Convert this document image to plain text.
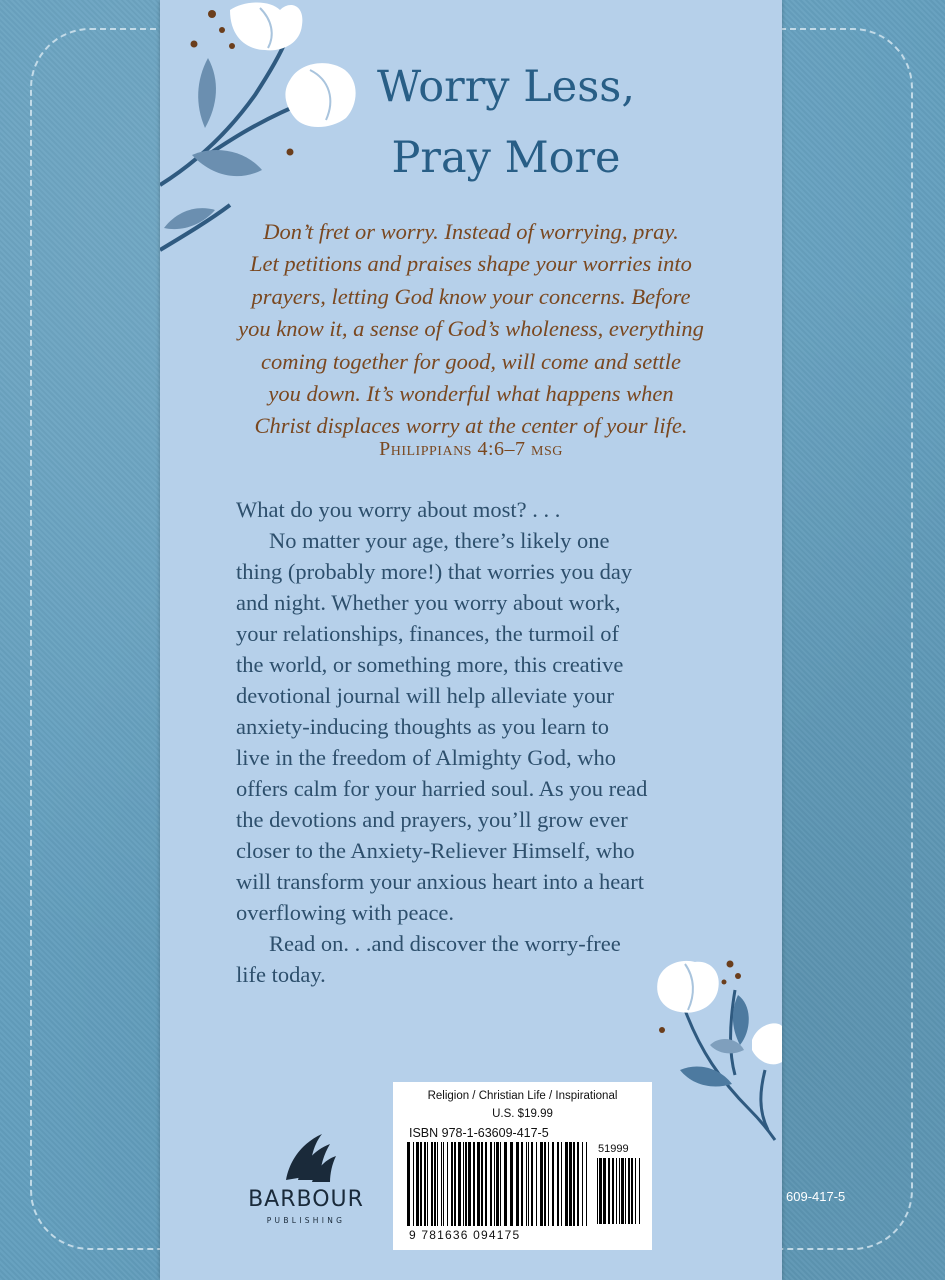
Worry Less,
Pray More
Don’t fret or worry. Instead of worrying, pray.
Let petitions and praises shape your worries into
prayers, letting God know your concerns. Before
you know it, a sense of God’s wholeness, everything
coming together for good, will come and settle
you down. It’s wonderful what happens when
Christ displaces worry at the center of your life.
Philippians 4:6–7 msg
What do you worry about most? . . .
No matter your age, there’s likely one
thing (probably more!) that worries you day
and night. Whether you worry about work,
your relationships, finances, the turmoil of
the world, or something more, this creative
devotional journal will help alleviate your
anxiety-inducing thoughts as you learn to
live in the freedom of Almighty God, who
offers calm for your harried soul. As you read
the devotions and prayers, you’ll grow ever
closer to the Anxiety-Reliever Himself, who
will transform your anxious heart into a heart
overflowing with peace.
Read on. . .and discover the worry-free
life today.
BARBOUR
PUBLISHING
Religion / Christian Life / Inspirational
U.S. $19.99
ISBN 978-1-63609-417-5
51999
9 781636 094175
609-417-5
